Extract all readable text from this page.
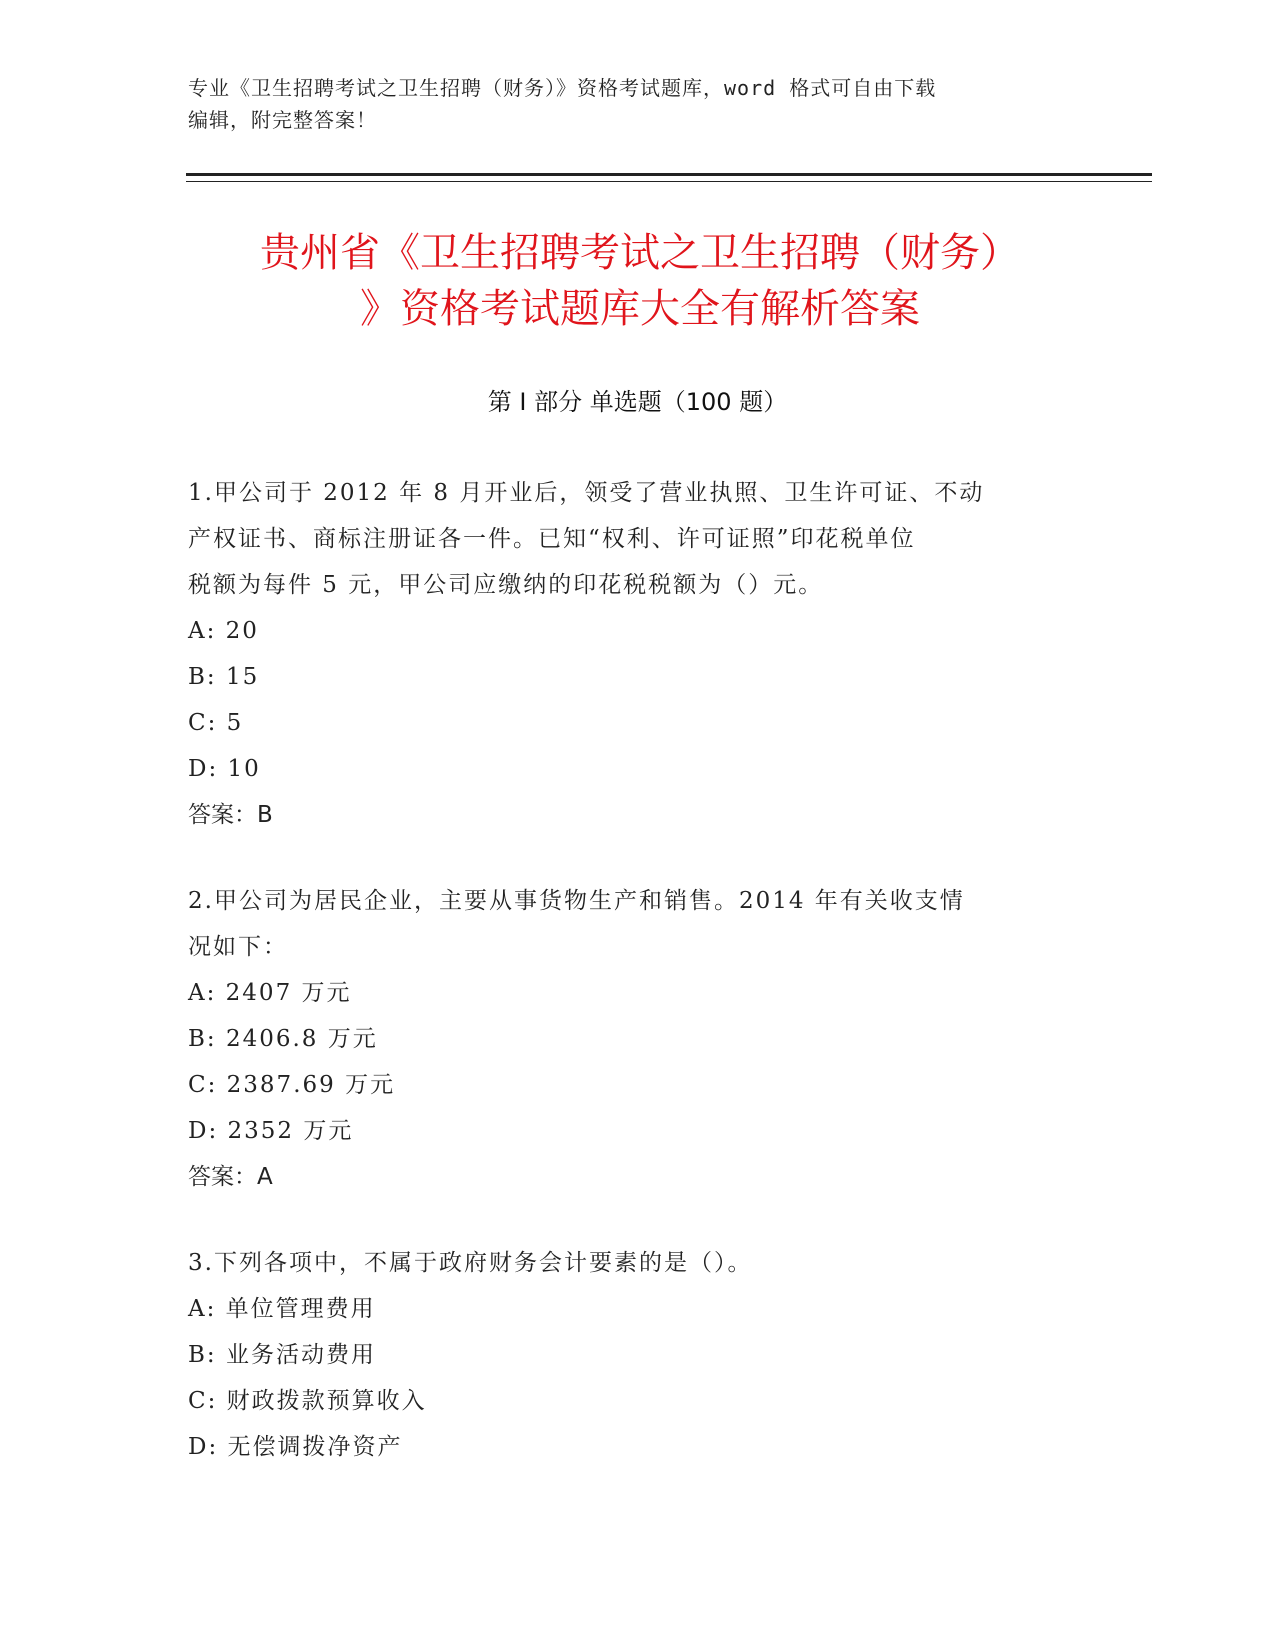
专业《卫生招聘考试之卫生招聘（财务）》资格考试题库，word 格式可自由下载
编辑，附完整答案！
贵州省《卫生招聘考试之卫生招聘（财务）
》资格考试题库大全有解析答案
第 I 部分 单选题（100 题）
1.甲公司于 2012 年 8 月开业后，领受了营业执照、卫生许可证、不动
产权证书、商标注册证各一件。已知“权利、许可证照”印花税单位
税额为每件 5 元，甲公司应缴纳的印花税税额为（）元。
A: 20
B: 15
C: 5
D: 10
答案：B
2.甲公司为居民企业，主要从事货物生产和销售。2014 年有关收支情
况如下：
A: 2407 万元
B: 2406.8 万元
C: 2387.69 万元
D: 2352 万元
答案：A
3.下列各项中，不属于政府财务会计要素的是（）。
A: 单位管理费用
B: 业务活动费用
C: 财政拨款预算收入
D: 无偿调拨净资产
